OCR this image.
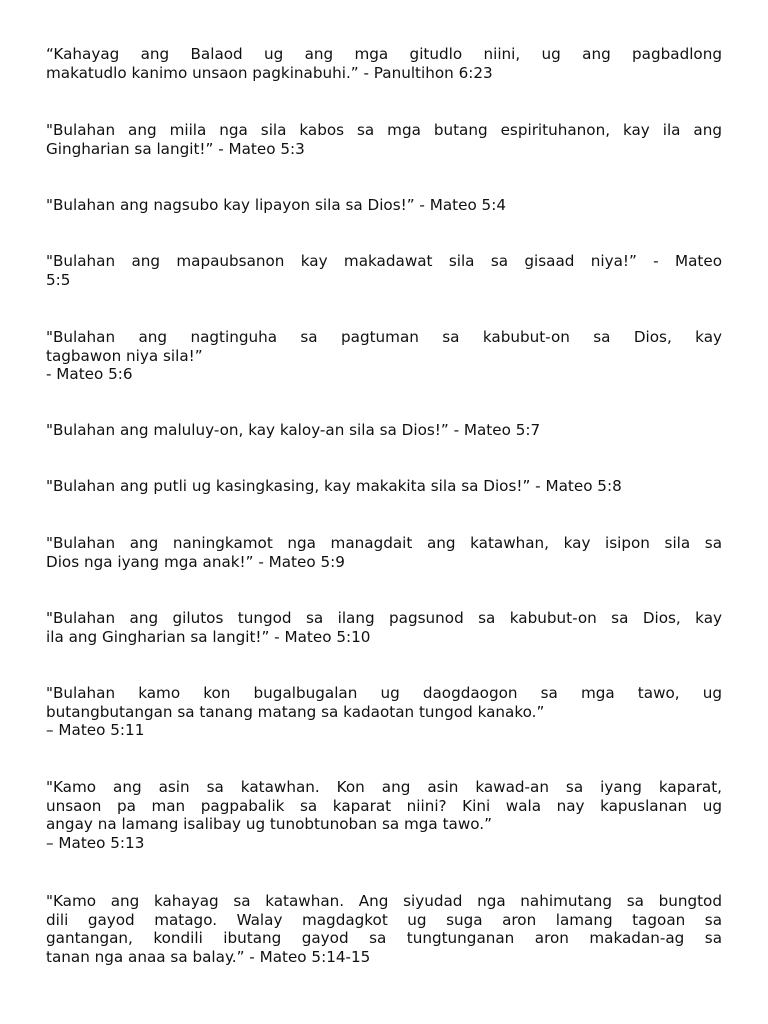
“Kahayag ang Balaod ug ang mga gitudlo niini, ug ang pagbadlong
makatudlo kanimo unsaon pagkinabuhi.” - Panultihon 6:23

"Bulahan ang miila nga sila kabos sa mga butang espirituhanon, kay ila ang
Gingharian sa langit!” - Mateo 5:3

"Bulahan ang nagsubo kay lipayon sila sa Dios!” - Mateo 5:4

"Bulahan ang mapaubsanon kay makadawat sila sa gisaad niya!” - Mateo
5:5

"Bulahan ang nagtinguha sa pagtuman sa kabubut-on sa Dios, kay
tagbawon niya sila!”
- Mateo 5:6

"Bulahan ang maluluy-on, kay kaloy-an sila sa Dios!” - Mateo 5:7

"Bulahan ang putli ug kasingkasing, kay makakita sila sa Dios!” - Mateo 5:8

"Bulahan ang naningkamot nga managdait ang katawhan, kay isipon sila sa
Dios nga iyang mga anak!” - Mateo 5:9

"Bulahan ang gilutos tungod sa ilang pagsunod sa kabubut-on sa Dios, kay
ila ang Gingharian sa langit!” - Mateo 5:10

"Bulahan kamo kon bugalbugalan ug daogdaogon sa mga tawo, ug
butangbutangan sa tanang matang sa kadaotan tungod kanako.”
– Mateo 5:11

"Kamo ang asin sa katawhan. Kon ang asin kawad-an sa iyang kaparat,
unsaon pa man pagpabalik sa kaparat niini? Kini wala nay kapuslanan ug
angay na lamang isalibay ug tunobtunoban sa mga tawo.”
– Mateo 5:13

"Kamo ang kahayag sa katawhan. Ang siyudad nga nahimutang sa bungtod
dili gayod matago. Walay magdagkot ug suga aron lamang tagoan sa
gantangan, kondili ibutang gayod sa tungtunganan aron makadan-ag sa
tanan nga anaa sa balay.” - Mateo 5:14-15
